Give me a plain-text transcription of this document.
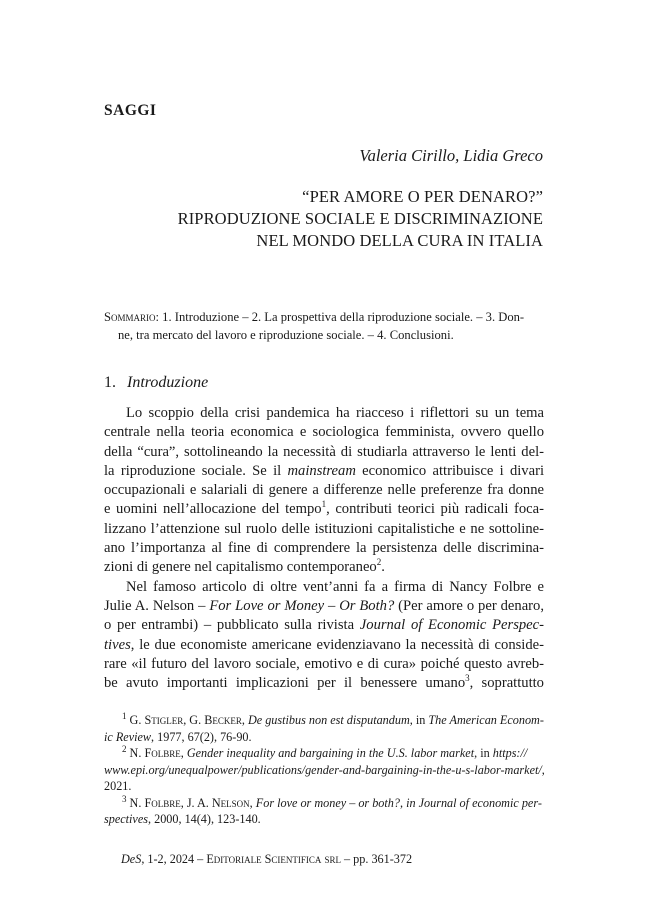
SAGGI
Valeria Cirillo, Lidia Greco
“PER AMORE O PER DENARO?”
RIPRODUZIONE SOCIALE E DISCRIMINAZIONE
NEL MONDO DELLA CURA IN ITALIA
Sommario: 1. Introduzione – 2. La prospettiva della riproduzione sociale. – 3. Don-
ne, tra mercato del lavoro e riproduzione sociale. – 4. Conclusioni.
1. Introduzione
Lo scoppio della crisi pandemica ha riacceso i riflettori su un tema
centrale nella teoria economica e sociologica femminista, ovvero quello
della “cura”, sottolineando la necessità di studiarla attraverso le lenti del-
la riproduzione sociale. Se il mainstream economico attribuisce i divari
occupazionali e salariali di genere a differenze nelle preferenze fra donne
e uomini nell’allocazione del tempo$^1$, contributi teorici più radicali foca-
lizzano l’attenzione sul ruolo delle istituzioni capitalistiche e ne sottoline-
ano l’importanza al fine di comprendere la persistenza delle discrimina-
zioni di genere nel capitalismo contemporaneo$^2$.
Nel famoso articolo di oltre vent’anni fa a firma di Nancy Folbre e
Julie A. Nelson – For Love or Money – Or Both? (Per amore o per denaro,
o per entrambi) – pubblicato sulla rivista Journal of Economic Perspec-
tives, le due economiste americane evidenziavano la necessità di conside-
rare «il futuro del lavoro sociale, emotivo e di cura» poiché questo avreb-
be avuto importanti implicazioni per il benessere umano$^3$, soprattutto
$^1$ G. Stigler, G. Becker, De gustibus non est disputandum, in The American Econom-
ic Review, 1977, 67(2), 76-90.
$^2$ N. Folbre, Gender inequality and bargaining in the U.S. labor market, in https://
www.epi.org/unequalpower/publications/gender-and-bargaining-in-the-u-s-labor-market/,
2021.
$^3$ N. Folbre, J. A. Nelson, For love or money – or both?, in Journal of economic per-
spectives, 2000, 14(4), 123-140.
DeS, 1-2, 2024 – Editoriale Scientifica srl – pp. 361-372
